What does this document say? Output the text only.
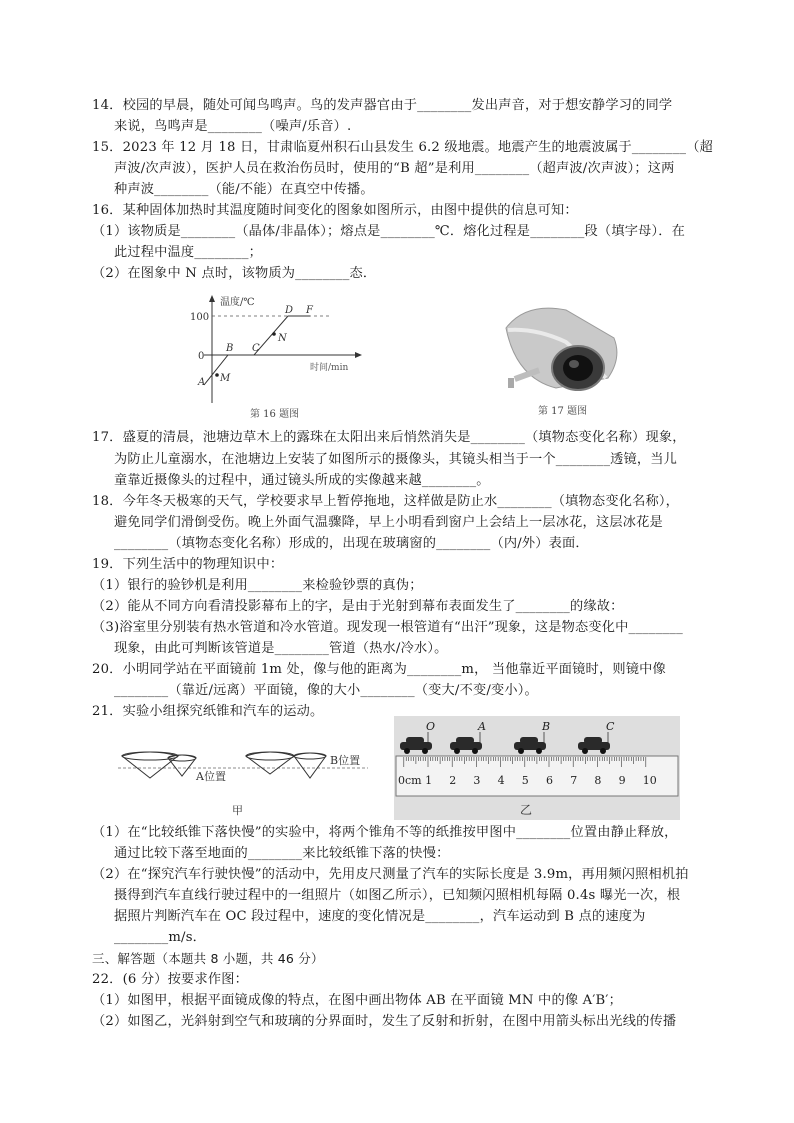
14．校园的早晨，随处可闻鸟鸣声。鸟的发声器官由于________发出声音，对于想安静学习的同学
来说，鸟鸣声是________（噪声/乐音）.
15．2023 年 12 月 18 日，甘肃临夏州积石山县发生 6.2 级地震。地震产生的地震波属于________（超
声波/次声波），医护人员在救治伤员时，使用的“B 超”是利用________（超声波/次声波）；这两
种声波________（能/不能）在真空中传播。
16．某种固体加热时其温度随时间变化的图象如图所示，由图中提供的信息可知：
（1）该物质是________（晶体/非晶体）；熔点是________℃．熔化过程是________段（填字母）．在
此过程中温度________；
（2）在图象中 N 点时，该物质为________态．
温度/℃
时间/min
100
0
A
B C
D F
M
N
第 16 题图	第 17 题图
17．盛夏的清晨，池塘边草木上的露珠在太阳出来后悄然消失是________（填物态变化名称）现象，
为防止儿童溺水，在池塘边上安装了如图所示的摄像头，其镜头相当于一个________透镜，当儿
童靠近摄像头的过程中，通过镜头所成的实像越来越________。
18．今年冬天极寒的天气，学校要求早上暂停拖地，这样做是防止水________（填物态变化名称），
避免同学们滑倒受伤。晚上外面气温骤降，早上小明看到窗户上会结上一层冰花，这层冰花是
________（填物态变化名称）形成的，出现在玻璃窗的________（内/外）表面．
19．下列生活中的物理知识中：
（1）银行的验钞机是利用________来检验钞票的真伪；
（2）能从不同方向看清投影幕布上的字，是由于光射到幕布表面发生了________的缘故：
（3)浴室里分别装有热水管道和冷水管道。现发现一根管道有“出汗”现象，这是物态变化中________
现象，由此可判断该管道是________管道（热水/冷水）。
20．小明同学站在平面镜前 1m 处，像与他的距离为________m， 当他靠近平面镜时，则镜中像
________（靠近/远离）平面镜，像的大小________（变大/不变/变小）。
21．实验小组探究纸锥和汽车的运动。
A位置
B位置
甲
O	A	B	C
0cm 1 2 3 4 5 6 7 8 9 10
乙
（1）在“比较纸锥下落快慢”的实验中，将两个锥角不等的纸推按甲图中________位置由静止释放，
通过比较下落至地面的________来比较纸锥下落的快慢：
（2）在“探究汽车行驶快慢”的活动中，先用皮尺测量了汽车的实际长度是 3.9m，再用频闪照相机拍
摄得到汽车直线行驶过程中的一组照片（如图乙所示），已知频闪照相机每隔 0.4s 曝光一次，根
据照片判断汽车在 OC 段过程中，速度的变化情况是________，汽车运动到 B 点的速度为
________m/s．
三、解答题（本题共 8 小题，共 46 分）
22．(6 分）按要求作图：
（1）如图甲，根据平面镜成像的特点，在图中画出物体 AB 在平面镜 MN 中的像 A′B′；
（2）如图乙，光斜射到空气和玻璃的分界面时，发生了反射和折射，在图中用箭头标出光线的传播
